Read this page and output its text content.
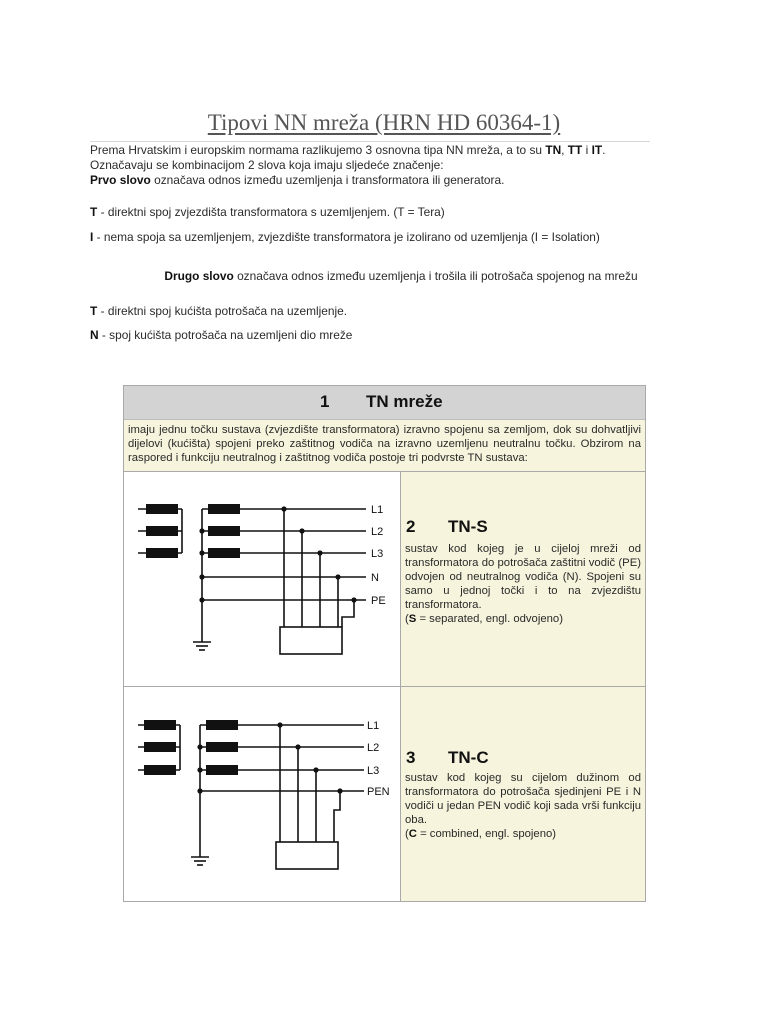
Tipovi NN mreža (HRN HD 60364-1)
Prema Hrvatskim i europskim normama razlikujemo 3 osnovna tipa NN mreža, a to su TN, TT i IT. Označavaju se kombinacijom 2 slova koja imaju sljedeće značenje:
Prvo slovo označava odnos između uzemljenja i transformatora ili generatora.
T - direktni spoj zvjezdišta transformatora s uzemljenjem. (T = Tera)
I - nema spoja sa uzemljenjem, zvjezdište transformatora je izolirano od uzemljenja (I = Isolation)
Drugo slovo označava odnos između uzemljenja i trošila ili potrošača spojenog na mrežu
T - direktni spoj kućišta potrošača na uzemljenje.
N - spoj kućišta potrošača na uzemljeni dio mreže
1 TN mreže
imaju jednu točku sustava (zvjezdište transformatora) izravno spojenu sa zemljom, dok su dohvatljivi dijelovi (kućišta) spojeni preko zaštitnog vodiča na izravno uzemljenu neutralnu točku. Obzirom na raspored i funkciju neutralnog i zaštitnog vodiča postoje tri podvrste TN sustava:
L1
L2
L3
N
PE
2 TN-S
sustav kod kojeg je u cijeloj mreži od transformatora do potrošača zaštitni vodič (PE) odvojen od neutralnog vodiča (N). Spojeni su samo u jednoj točki i to na zvjezdištu transformatora.
(S = separated, engl. odvojeno)
L1
L2
L3
PEN
3 TN-C
sustav kod kojeg su cijelom dužinom od transformatora do potrošača sjedinjeni PE i N vodiči u jedan PEN vodič koji sada vrši funkciju oba.
(C = combined, engl. spojeno)
